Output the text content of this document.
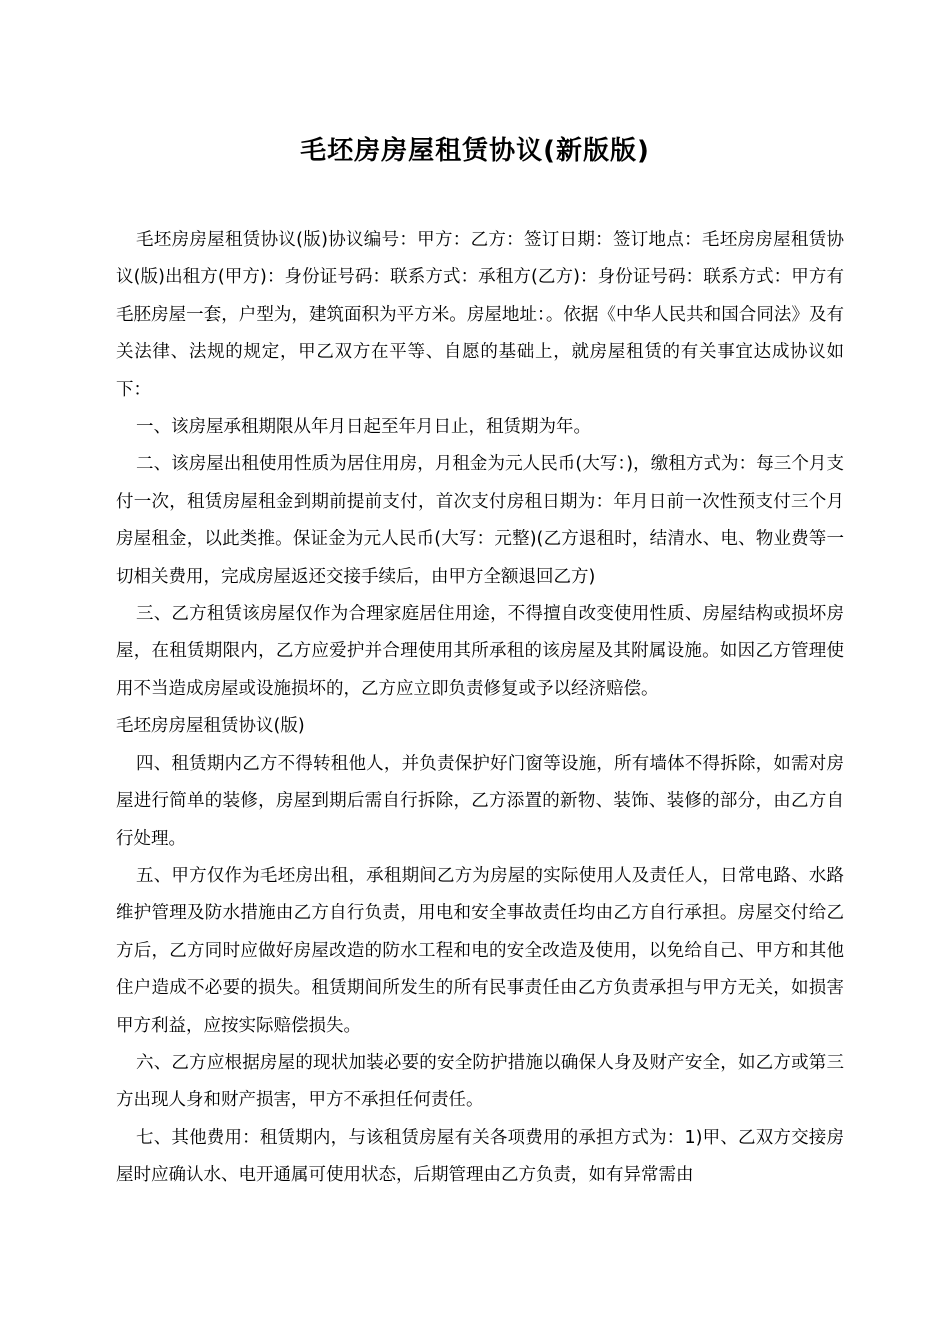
毛坯房房屋租赁协议(新版版)

毛坯房房屋租赁协议(版)协议编号：甲方：乙方：签订日期：签订地点：毛坯房房屋租赁协议(版)出租方(甲方)：身份证号码：联系方式：承租方(乙方)：身份证号码：联系方式：甲方有毛胚房屋一套，户型为，建筑面积为平方米。房屋地址：。依据《中华人民共和国合同法》及有关法律、法规的规定，甲乙双方在平等、自愿的基础上，就房屋租赁的有关事宜达成协议如下：

一、该房屋承租期限从年月日起至年月日止，租赁期为年。

二、该房屋出租使用性质为居住用房，月租金为元人民币(大写：)，缴租方式为：每三个月支付一次，租赁房屋租金到期前提前支付，首次支付房租日期为：年月日前一次性预支付三个月房屋租金，以此类推。保证金为元人民币(大写：元整)(乙方退租时，结清水、电、物业费等一切相关费用，完成房屋返还交接手续后，由甲方全额退回乙方)

三、乙方租赁该房屋仅作为合理家庭居住用途，不得擅自改变使用性质、房屋结构或损坏房屋，在租赁期限内，乙方应爱护并合理使用其所承租的该房屋及其附属设施。如因乙方管理使用不当造成房屋或设施损坏的，乙方应立即负责修复或予以经济赔偿。

毛坯房房屋租赁协议(版)

四、租赁期内乙方不得转租他人，并负责保护好门窗等设施，所有墙体不得拆除，如需对房屋进行简单的装修，房屋到期后需自行拆除，乙方添置的新物、装饰、装修的部分，由乙方自行处理。

五、甲方仅作为毛坯房出租，承租期间乙方为房屋的实际使用人及责任人，日常电路、水路维护管理及防水措施由乙方自行负责，用电和安全事故责任均由乙方自行承担。房屋交付给乙方后，乙方同时应做好房屋改造的防水工程和电的安全改造及使用，以免给自己、甲方和其他住户造成不必要的损失。租赁期间所发生的所有民事责任由乙方负责承担与甲方无关，如损害甲方利益，应按实际赔偿损失。

六、乙方应根据房屋的现状加装必要的安全防护措施以确保人身及财产安全，如乙方或第三方出现人身和财产损害，甲方不承担任何责任。

七、其他费用：租赁期内，与该租赁房屋有关各项费用的承担方式为：1)甲、乙双方交接房屋时应确认水、电开通属可使用状态，后期管理由乙方负责，如有异常需由
